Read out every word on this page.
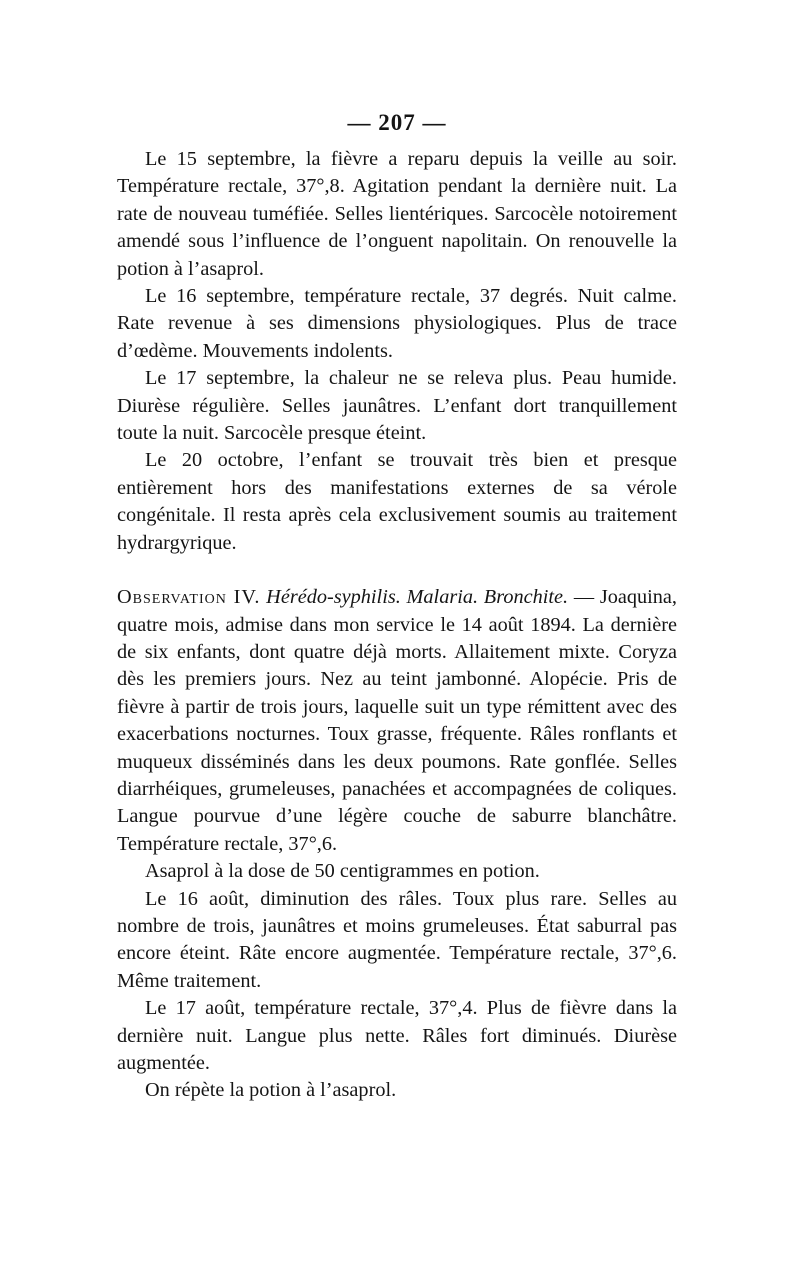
— 207 —

Le 15 septembre, la fièvre a reparu depuis la veille au soir. Température rectale, 37°,8. Agitation pendant la dernière nuit. La rate de nouveau tuméfiée. Selles lientériques. Sarcocèle notoirement amendé sous l’influence de l’onguent napolitain. On renouvelle la potion à l’asaprol.

Le 16 septembre, température rectale, 37 degrés. Nuit calme. Rate revenue à ses dimensions physiologiques. Plus de trace d’œdème. Mouvements indolents.

Le 17 septembre, la chaleur ne se releva plus. Peau humide. Diurèse régulière. Selles jaunâtres. L’enfant dort tranquillement toute la nuit. Sarcocèle presque éteint.

Le 20 octobre, l’enfant se trouvait très bien et presque entièrement hors des manifestations externes de sa vérole congénitale. Il resta après cela exclusivement soumis au traitement hydrargyrique.

Observation IV. Hérédo-syphilis. Malaria. Bronchite. — Joaquina, quatre mois, admise dans mon service le 14 août 1894. La dernière de six enfants, dont quatre déjà morts. Allaitement mixte. Coryza dès les premiers jours. Nez au teint jambonné. Alopécie. Pris de fièvre à partir de trois jours, laquelle suit un type rémittent avec des exacerbations nocturnes. Toux grasse, fréquente. Râles ronflants et muqueux disséminés dans les deux poumons. Rate gonflée. Selles diarrhéiques, grumeleuses, panachées et accompagnées de coliques. Langue pourvue d’une légère couche de saburre blanchâtre. Température rectale, 37°,6.

Asaprol à la dose de 50 centigrammes en potion.

Le 16 août, diminution des râles. Toux plus rare. Selles au nombre de trois, jaunâtres et moins grumeleuses. État saburral pas encore éteint. Râte encore augmentée. Température rectale, 37°,6. Même traitement.

Le 17 août, température rectale, 37°,4. Plus de fièvre dans la dernière nuit. Langue plus nette. Râles fort diminués. Diurèse augmentée.

On répète la potion à l’asaprol.
